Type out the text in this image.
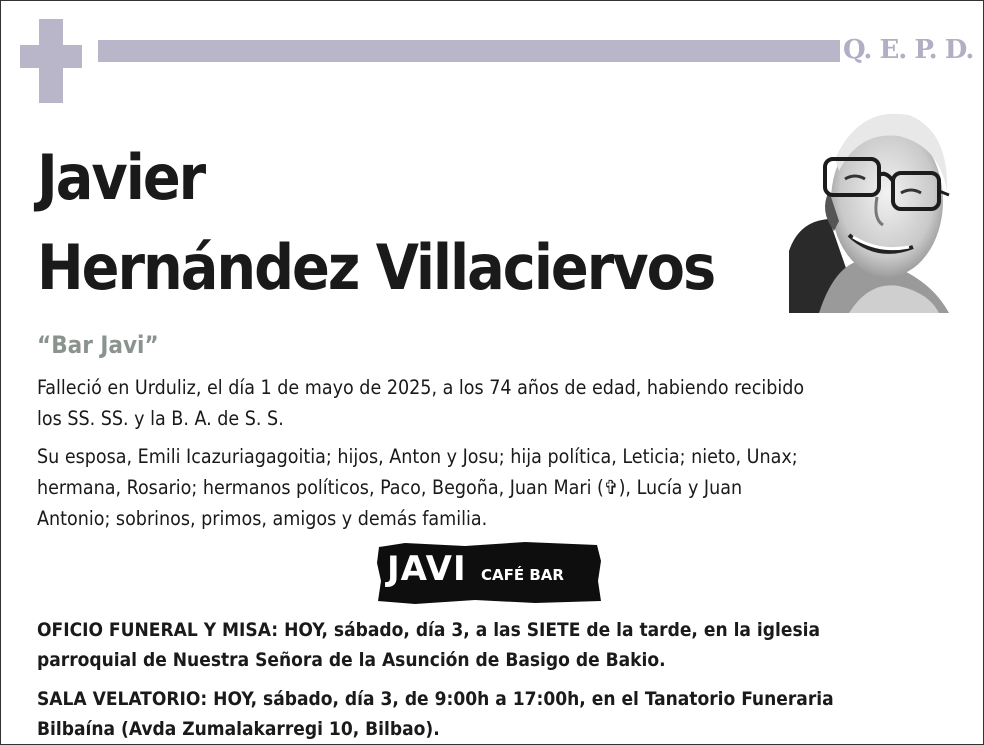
Q. E. P. D.
Javier
Hernández Villaciervos
“Bar Javi”

Falleció en Urduliz, el día 1 de mayo de 2025, a los 74 años de edad, habiendo recibido
los SS. SS. y la B. A. de S. S.

Su esposa, Emili Icazuriagagoitia; hijos, Anton y Josu; hija política, Leticia; nieto, Unax;
hermana, Rosario; hermanos políticos, Paco, Begoña, Juan Mari (✞), Lucía y Juan
Antonio; sobrinos, primos, amigos y demás familia.

JAVI CAFÉ BAR

OFICIO FUNERAL Y MISA: HOY, sábado, día 3, a las SIETE de la tarde, en la iglesia
parroquial de Nuestra Señora de la Asunción de Basigo de Bakio.

SALA VELATORIO: HOY, sábado, día 3, de 9:00h a 17:00h, en el Tanatorio Funeraria
Bilbaína (Avda Zumalakarregi 10, Bilbao).
